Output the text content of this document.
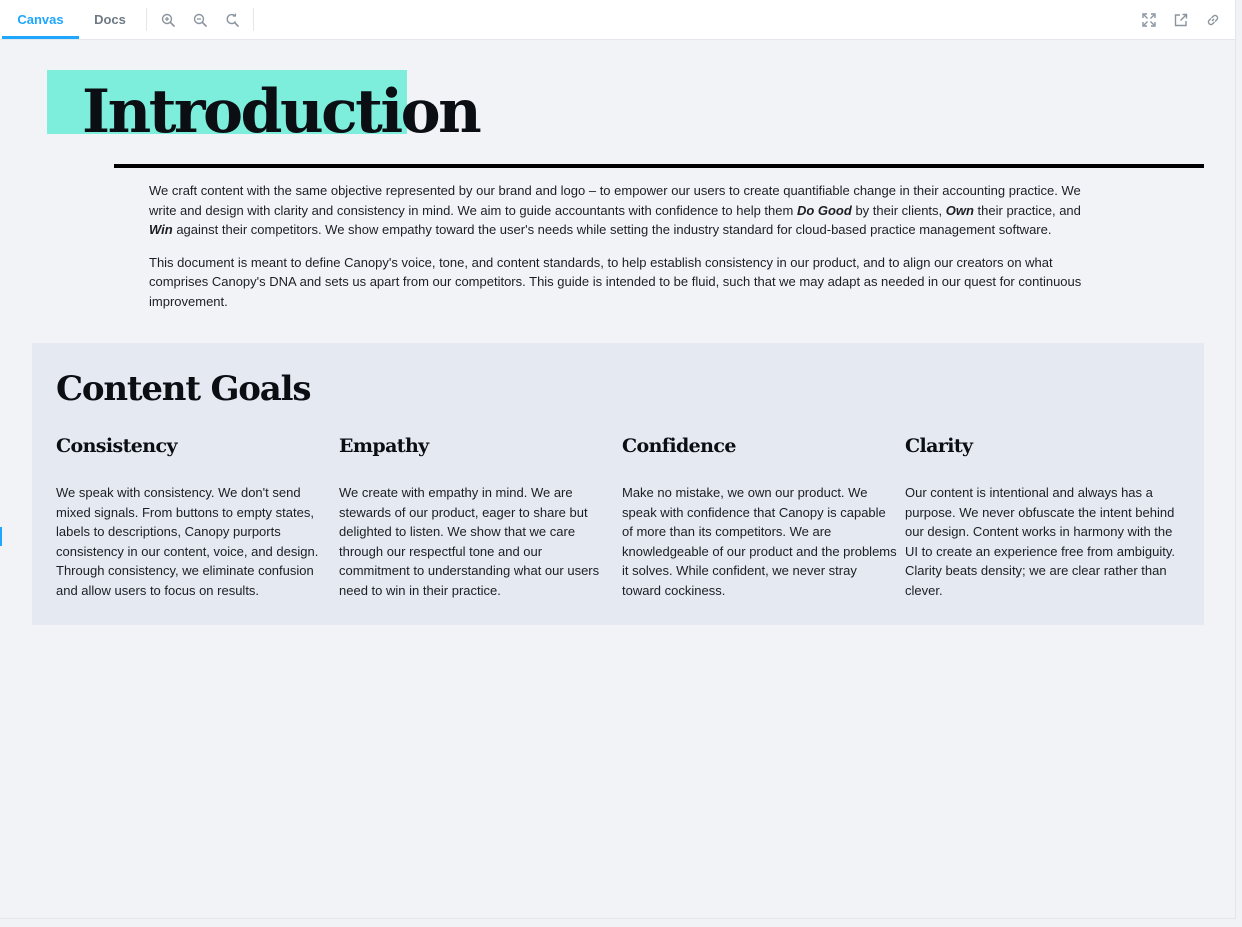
Canvas	Docs
Introduction

We craft content with the same objective represented by our brand and logo – to empower our users to create quantifiable change in their accounting practice. We write and design with clarity and consistency in mind. We aim to guide accountants with confidence to help them Do Good by their clients, Own their practice, and Win against their competitors. We show empathy toward the user's needs while setting the industry standard for cloud-based practice management software.

This document is meant to define Canopy's voice, tone, and content standards, to help establish consistency in our product, and to align our creators on what comprises Canopy's DNA and sets us apart from our competitors. This guide is intended to be fluid, such that we may adapt as needed in our quest for continuous improvement.

Content Goals
Consistency

We speak with consistency. We don't send mixed signals. From buttons to empty states, labels to descriptions, Canopy purports consistency in our content, voice, and design. Through consistency, we eliminate confusion and allow users to focus on results.

Empathy

We create with empathy in mind. We are stewards of our product, eager to share but delighted to listen. We show that we care through our respectful tone and our commitment to understanding what our users need to win in their practice.

Confidence

Make no mistake, we own our product. We speak with confidence that Canopy is capable of more than its competitors. We are knowledgeable of our product and the problems it solves. While confident, we never stray toward cockiness.

Clarity

Our content is intentional and always has a purpose. We never obfuscate the intent behind our design. Content works in harmony with the UI to create an experience free from ambiguity. Clarity beats density; we are clear rather than clever.
